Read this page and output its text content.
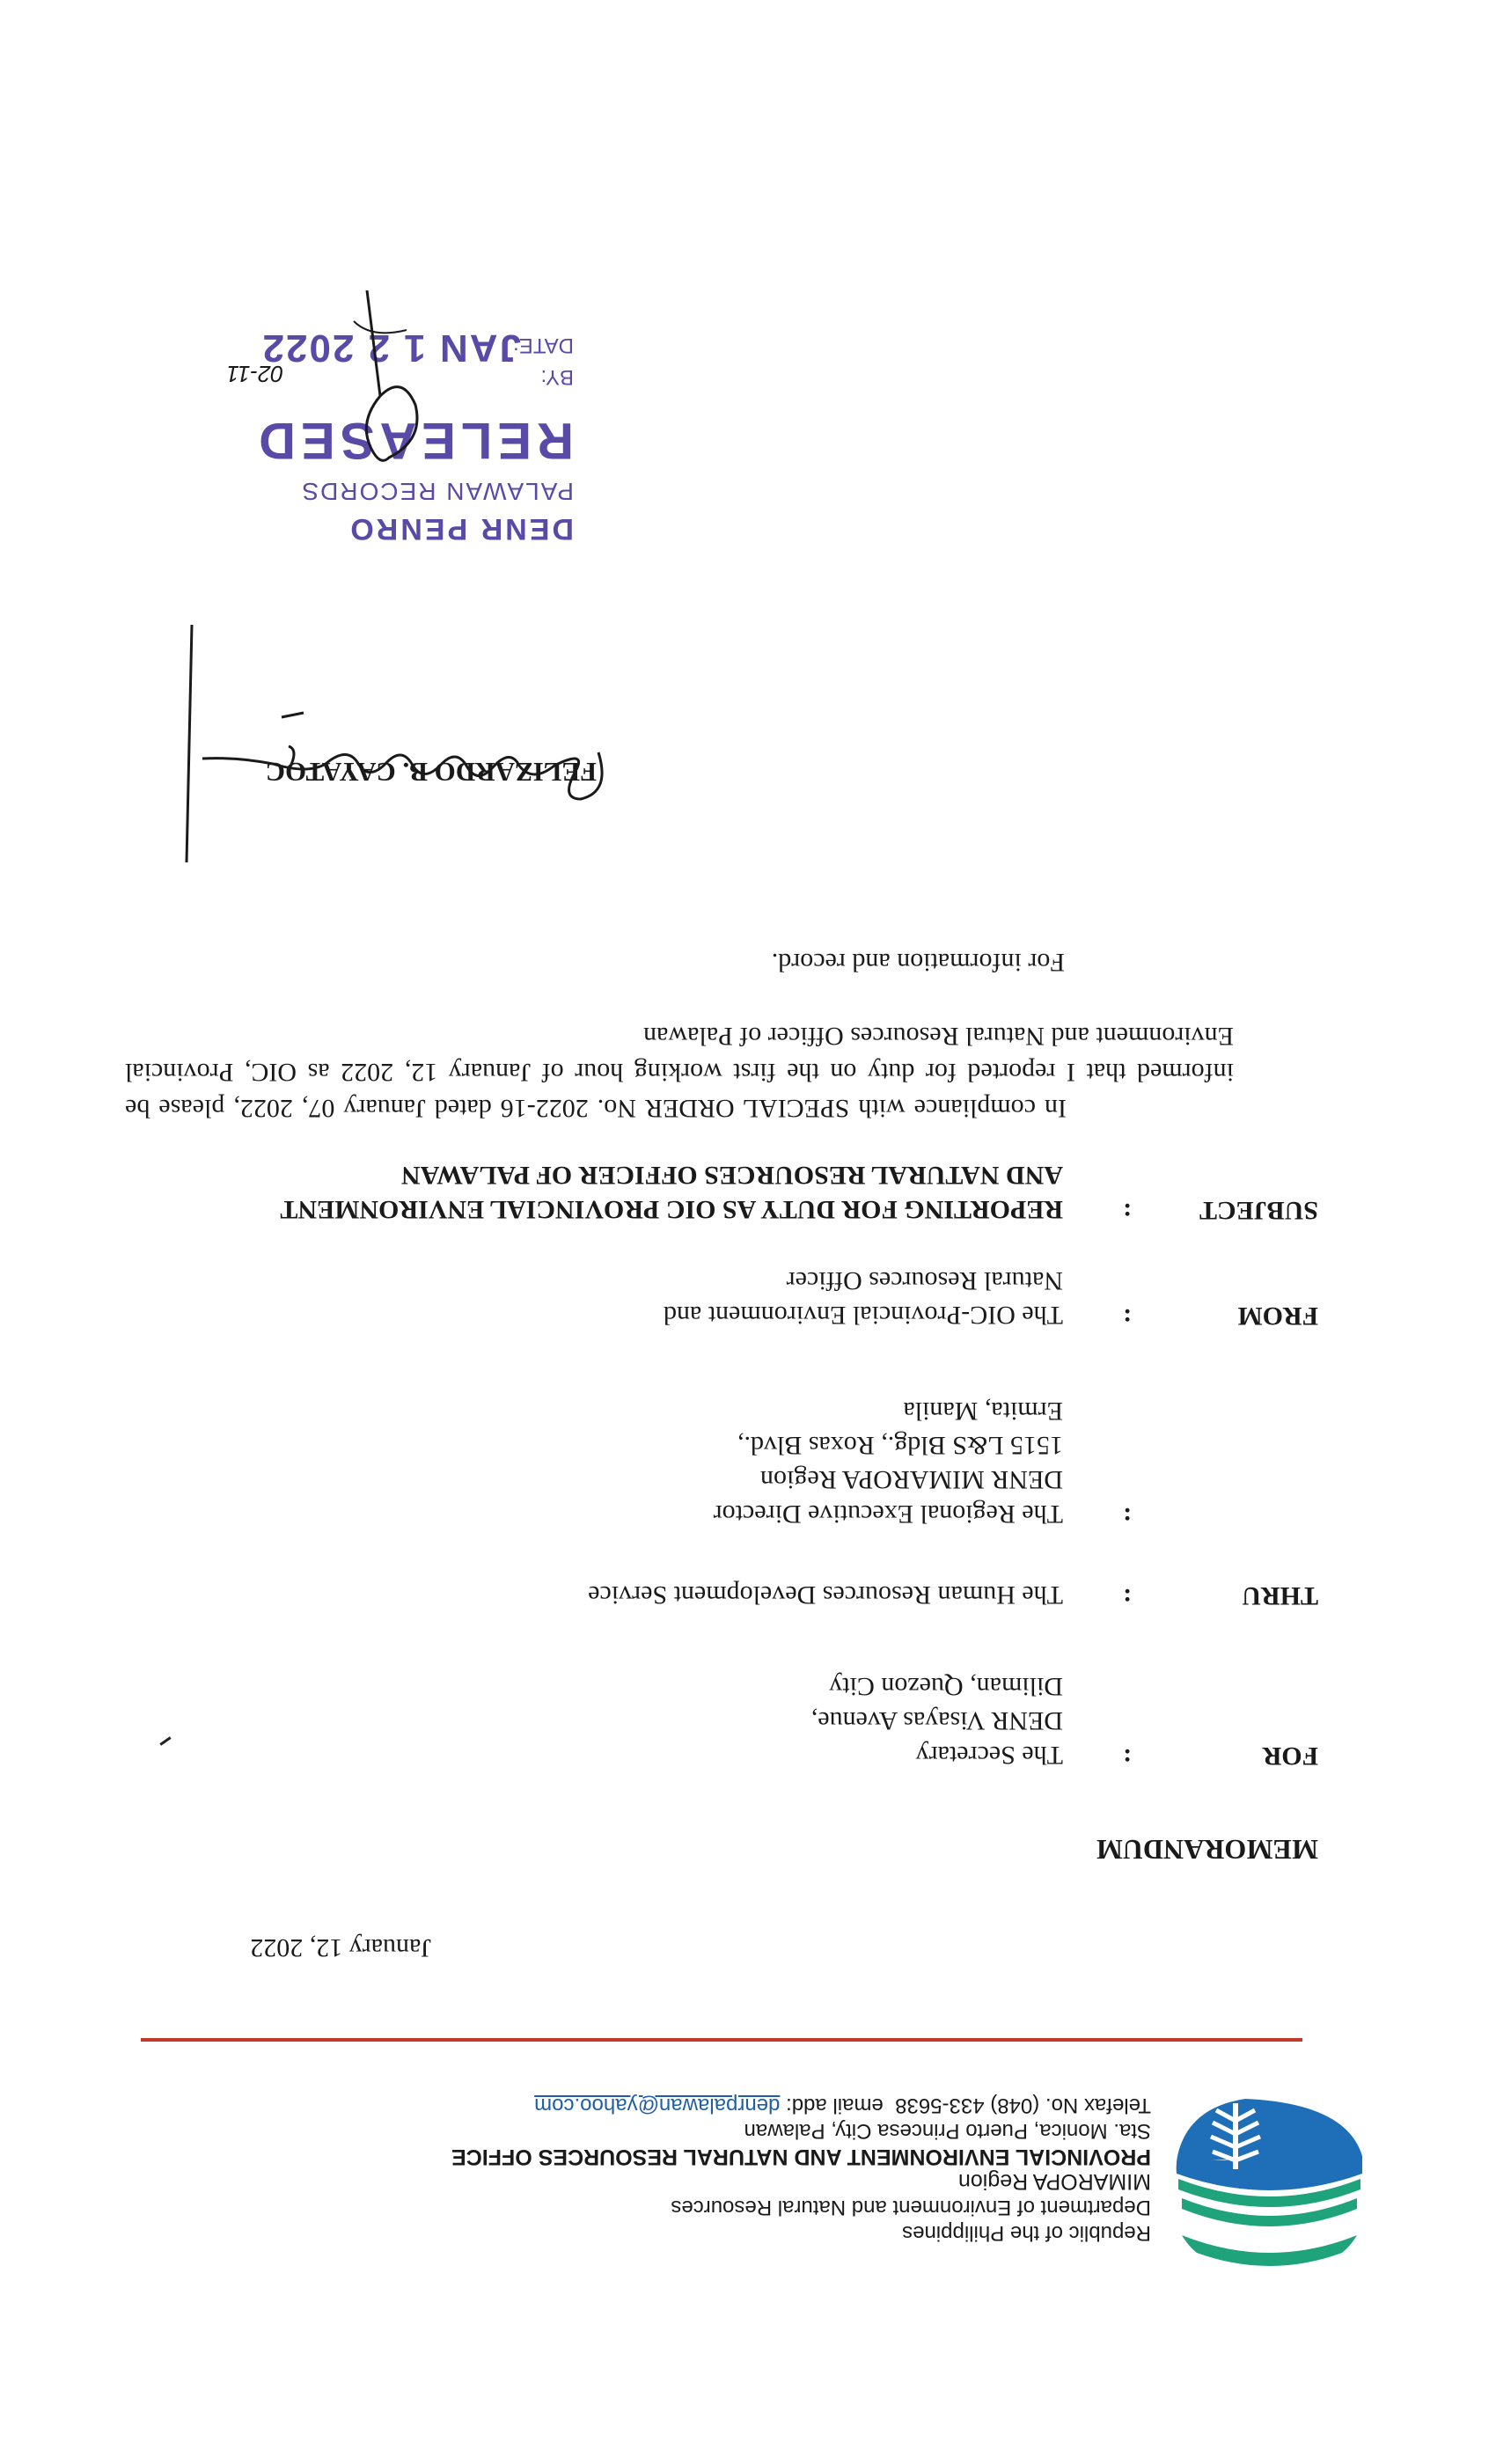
Republic of the Philippines
Department of Environment and Natural Resources
MIMAROPA Region
PROVINCIAL ENVIRONMENT AND NATURAL RESOURCES OFFICE
Sta. Monica, Puerto Princesa City, Palawan
Telefax No. (048) 433-5638  email add: denrpalawan@yahoo.com
January 12, 2022
MEMORANDUM
FOR
:
The Secretary
DENR Visayas Avenue,
Diliman, Quezon City
THRU
:
The Human Resources Development Service
:
The Regional Executive Director
DENR MIMAROPA Region
1515 L&S Bldg., Roxas Blvd.,
Ermita, Manila
FROM
:
The OIC-Provincial Environment and
Natural Resources Officer
SUBJECT
:
REPORTING FOR DUTY AS OIC PROVINCIAL ENVIRONMENT
AND NATURAL RESOURCES OFFICER OF PALAWAN
In compliance with SPECIAL ORDER No. 2022-16 dated January 07, 2022, please be informed that I reported for duty on the first working hour of January 12, 2022 as OIC, Provincial Environment and Natural Resources Officer of Palawan
For information and record.
FELIZARDO B. CAYATOC
DENR PENRO
PALAWAN RECORDS
RELEASED
BY:
DATE:
JAN 1 2 2022
02-11
